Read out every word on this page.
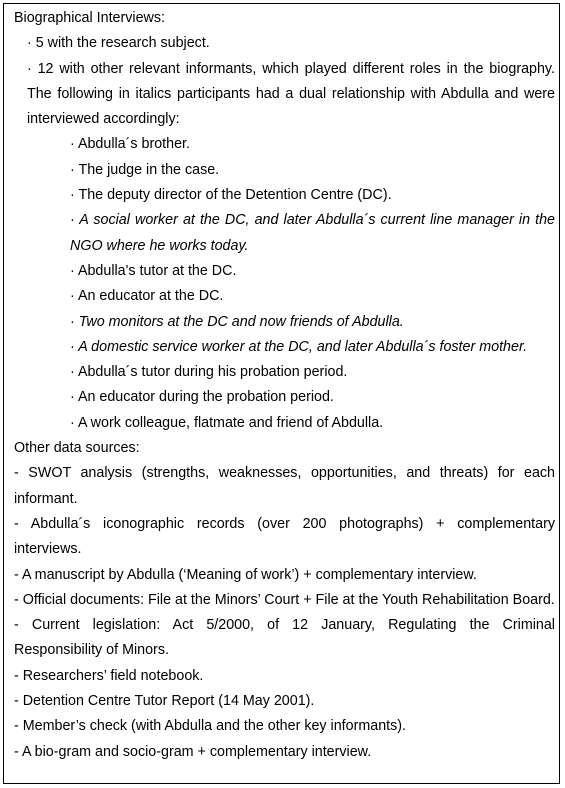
Biographical Interviews:

· 5 with the research subject.

· 12 with other relevant informants, which played different roles in the biography. The following in italics participants had a dual relationship with Abdulla and were interviewed accordingly:

· Abdulla´s brother.

· The judge in the case.

· The deputy director of the Detention Centre (DC).

· A social worker at the DC, and later Abdulla´s current line manager in the NGO where he works today.

· Abdulla's tutor at the DC.

· An educator at the DC.

· Two monitors at the DC and now friends of Abdulla.

· A domestic service worker at the DC, and later Abdulla´s foster mother.

· Abdulla´s tutor during his probation period.

· An educator during the probation period.

· A work colleague, flatmate and friend of Abdulla.

Other data sources:

- SWOT analysis (strengths, weaknesses, opportunities, and threats) for each informant.

- Abdulla´s iconographic records (over 200 photographs) + complementary interviews.

- A manuscript by Abdulla (‘Meaning of work’) + complementary interview.

- Official documents: File at the Minors’ Court + File at the Youth Rehabilitation Board.

- Current legislation: Act 5/2000, of 12 January, Regulating the Criminal Responsibility of Minors.

- Researchers’ field notebook.

- Detention Centre Tutor Report (14 May 2001).

- Member’s check (with Abdulla and the other key informants).

- A bio-gram and socio-gram + complementary interview.
